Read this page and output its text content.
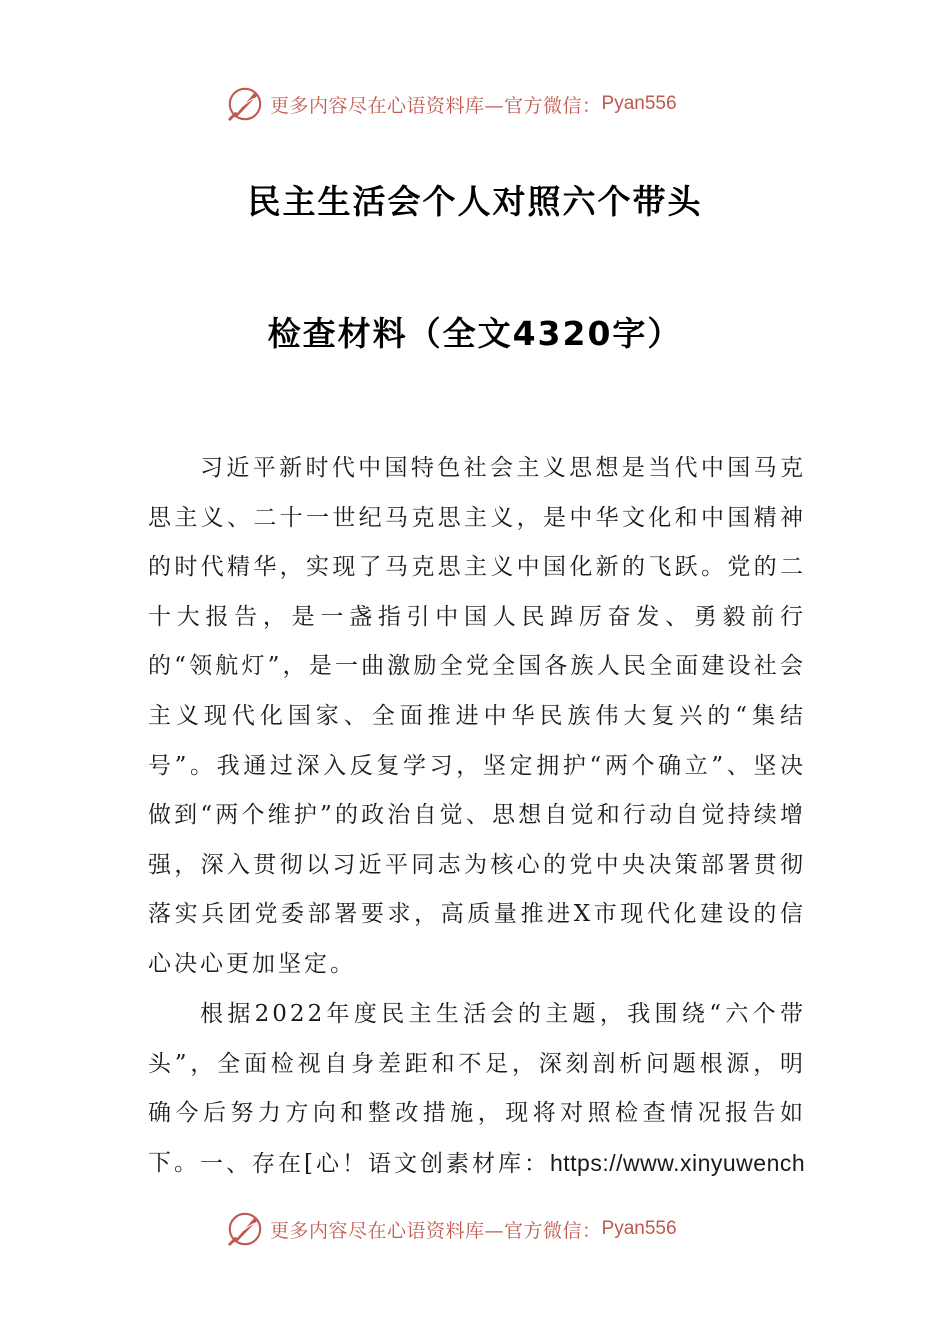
更多内容尽在心语资料库—官方微信： Pyan556
民主生活会个人对照六个带头
检查材料（全文4320字）
习近平新时代中国特色社会主义思想是当代中国马克思主义、二十一世纪马克思主义，是中华文化和中国精神的时代精华，实现了马克思主义中国化新的飞跃。党的二十大报告，是一盏指引中国人民踔厉奋发、勇毅前行的“领航灯”，是一曲激励全党全国各族人民全面建设社会主义现代化国家、全面推进中华民族伟大复兴的“集结号”。我通过深入反复学习，坚定拥护“两个确立”、坚决做到“两个维护”的政治自觉、思想自觉和行动自觉持续增强，深入贯彻以习近平同志为核心的党中央决策部署贯彻落实兵团党委部署要求，高质量推进X市现代化建设的信心决心更加坚定。
根据2022年度民主生活会的主题，我围绕“六个带头”，全面检视自身差距和不足，深刻剖析问题根源，明确今后努力方向和整改措施，现将对照检查情况报告如下。 一、存在[心！语文创素材库：https://www.xinyuwench
更多内容尽在心语资料库—官方微信： Pyan556
